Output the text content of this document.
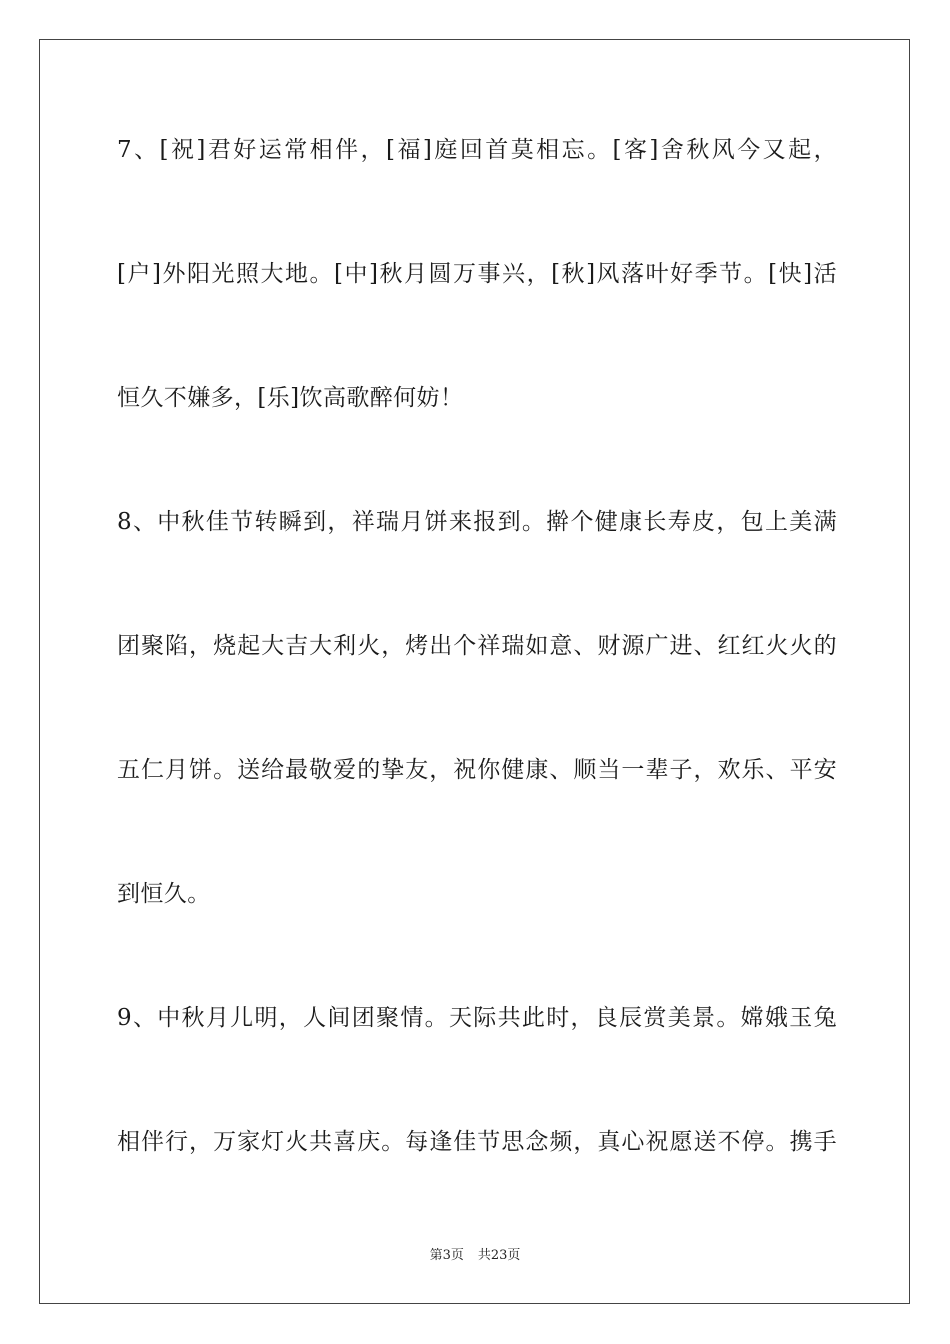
7、[祝]君好运常相伴，[福]庭回首莫相忘。[客]舍秋风今又起，
[户]外阳光照大地。[中]秋月圆万事兴，[秋]风落叶好季节。[快]活
恒久不嫌多，[乐]饮高歌醉何妨！
8、中秋佳节转瞬到，祥瑞月饼来报到。擀个健康长寿皮，包上美满
团聚陷，烧起大吉大利火，烤出个祥瑞如意、财源广进、红红火火的
五仁月饼。送给最敬爱的挚友，祝你健康、顺当一辈子，欢乐、平安
到恒久。
9、中秋月儿明，人间团聚情。天际共此时，良辰赏美景。嫦娥玉兔
相伴行，万家灯火共喜庆。每逢佳节思念频，真心祝愿送不停。携手
第3页 共23页
